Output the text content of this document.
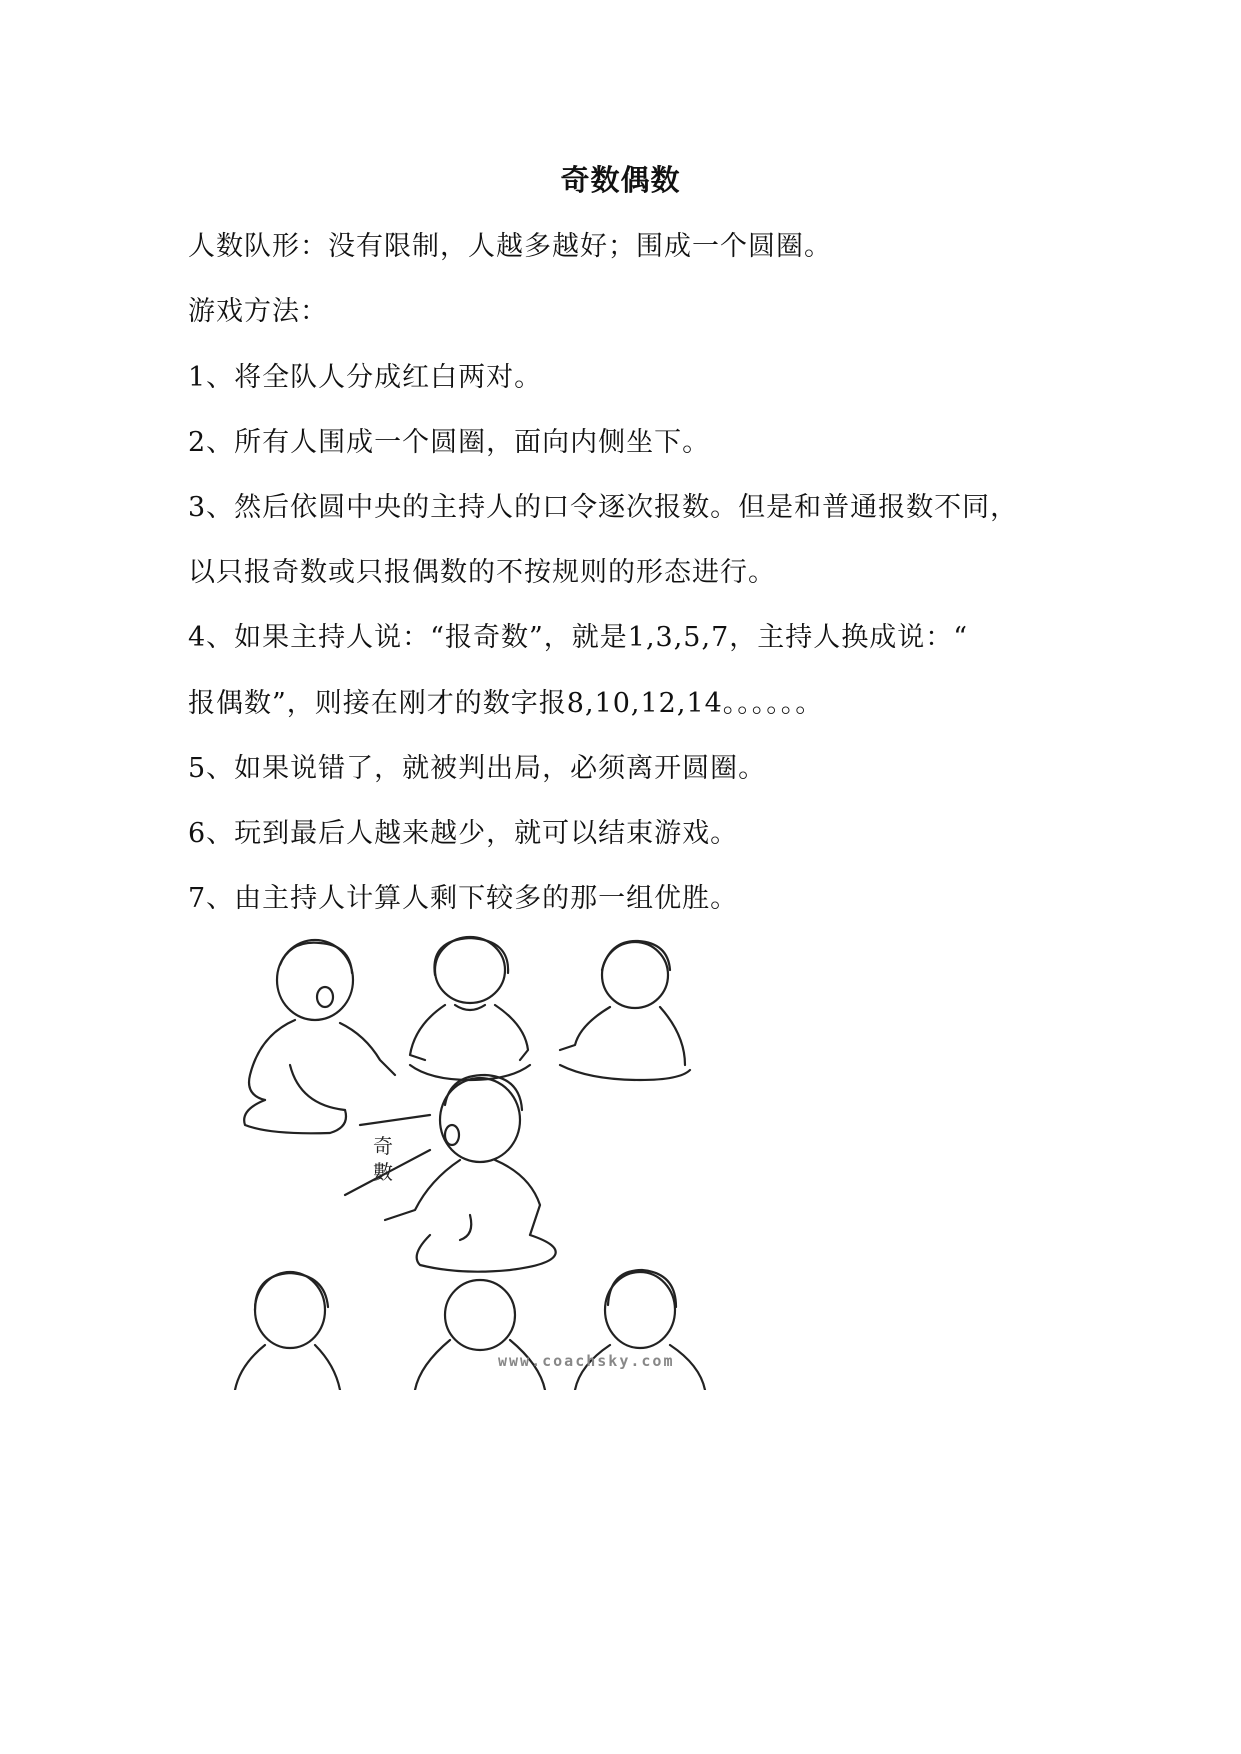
奇数偶数
人数队形：没有限制，人越多越好；围成一个圆圈。
游戏方法：
1、将全队人分成红白两对。
2、所有人围成一个圆圈，面向内侧坐下。
3、然后依圆中央的主持人的口令逐次报数。但是和普通报数不同，
以只报奇数或只报偶数的不按规则的形态进行。
4、如果主持人说：“报奇数”，就是1,3,5,7，主持人换成说：“
报偶数”，则接在刚才的数字报8,10,12,14。。。。。。
5、如果说错了，就被判出局，必须离开圆圈。
6、玩到最后人越来越少，就可以结束游戏。
7、由主持人计算人剩下较多的那一组优胜。
奇
數
www.coachsky.com
